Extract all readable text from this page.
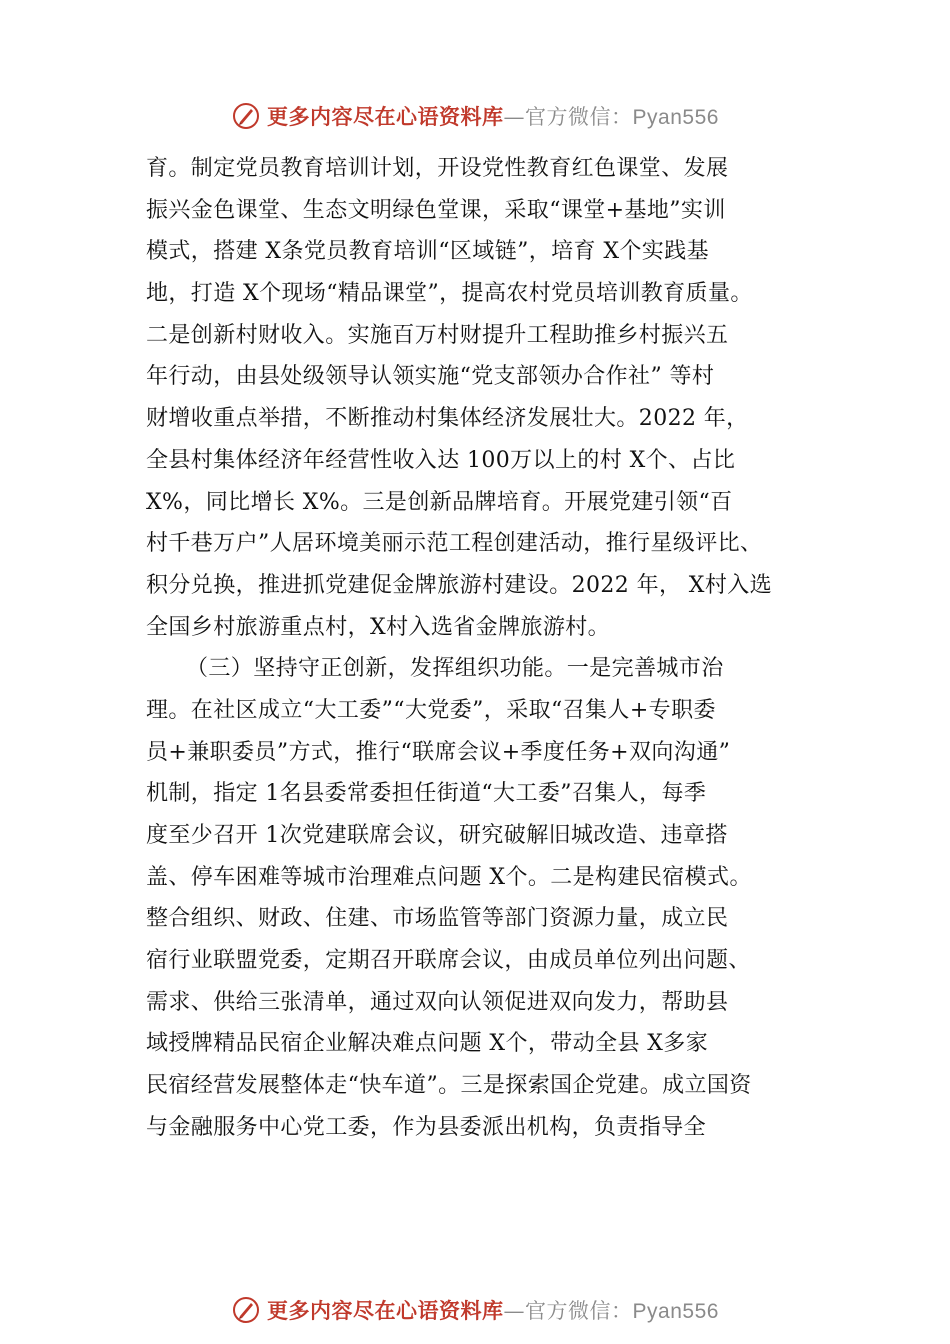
更多内容尽在心语资料库—官方微信：Pyan556
育。制定党员教育培训计划，开设党性教育红色课堂、发展
振兴金色课堂、生态文明绿色堂课，采取“课堂+基地”实训
模式，搭建 X条党员教育培训“区域链”，培育 X个实践基
地，打造 X个现场“精品课堂”，提高农村党员培训教育质量。
二是创新村财收入。实施百万村财提升工程助推乡村振兴五
年行动，由县处级领导认领实施“党支部领办合作社” 等村
财增收重点举措，不断推动村集体经济发展壮大。2022 年，
全县村集体经济年经营性收入达 100万以上的村 X个、占比
X%，同比增长 X%。三是创新品牌培育。开展党建引领“百
村千巷万户”人居环境美丽示范工程创建活动，推行星级评比、
积分兑换，推进抓党建促金牌旅游村建设。2022 年， X村入选
全国乡村旅游重点村，X村入选省金牌旅游村。
（三）坚持守正创新，发挥组织功能。一是完善城市治
理。在社区成立“大工委”“大党委”，采取“召集人+专职委
员+兼职委员”方式，推行“联席会议+季度任务+双向沟通”
机制，指定 1名县委常委担任街道“大工委”召集人，每季
度至少召开 1次党建联席会议，研究破解旧城改造、违章搭
盖、停车困难等城市治理难点问题 X个。二是构建民宿模式。
整合组织、财政、住建、市场监管等部门资源力量，成立民
宿行业联盟党委，定期召开联席会议，由成员单位列出问题、
需求、供给三张清单，通过双向认领促进双向发力，帮助县
域授牌精品民宿企业解决难点问题 X个，带动全县 X多家
民宿经营发展整体走“快车道”。三是探索国企党建。成立国资
与金融服务中心党工委，作为县委派出机构，负责指导全
更多内容尽在心语资料库—官方微信：Pyan556
